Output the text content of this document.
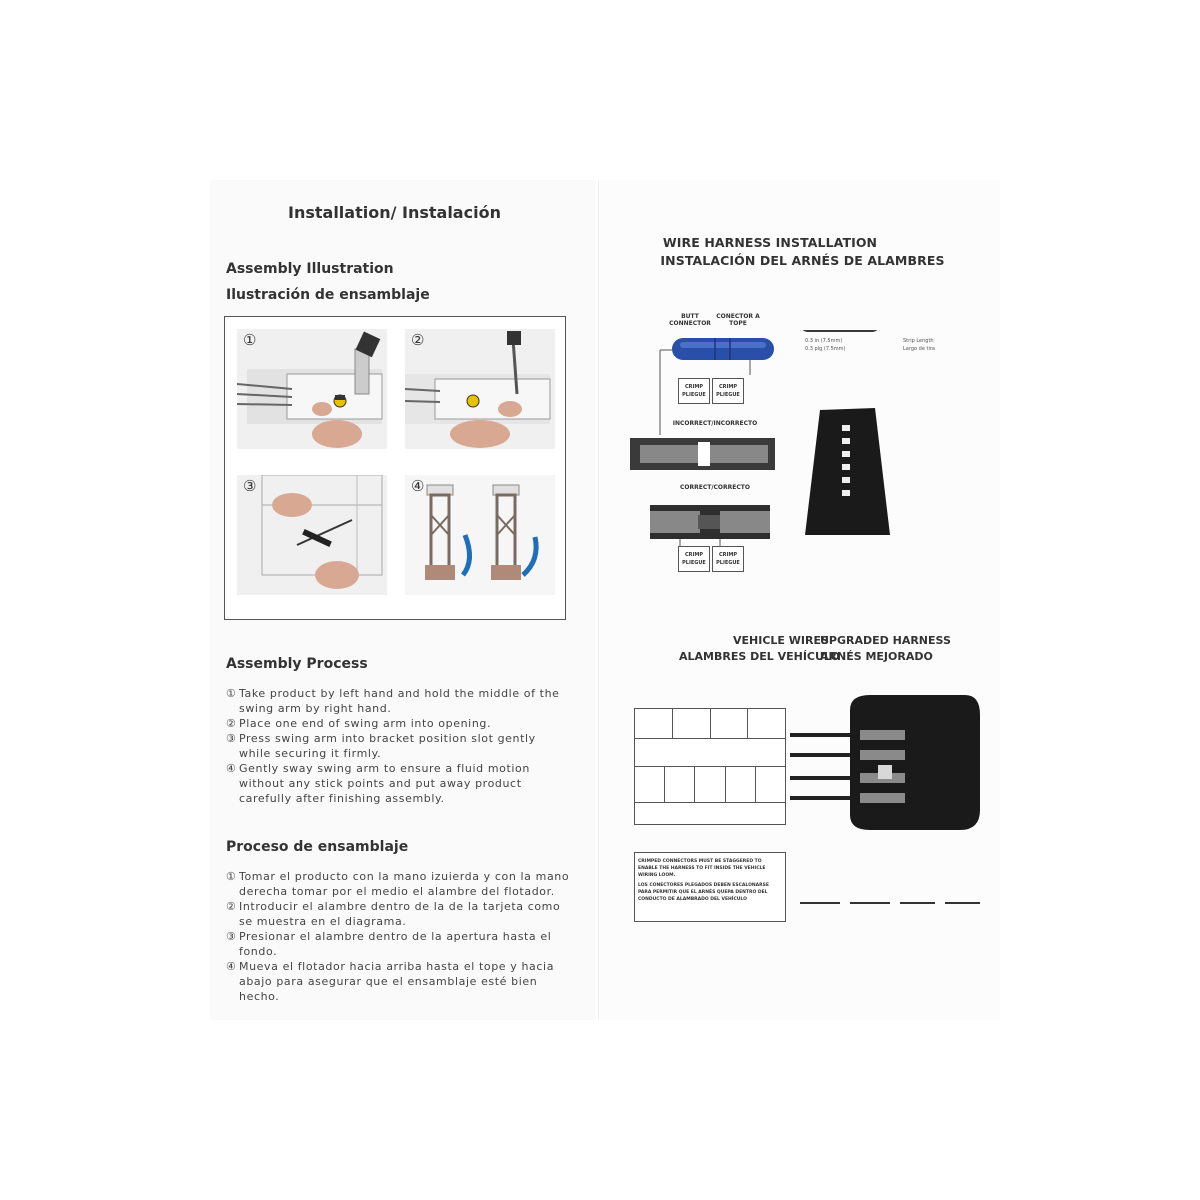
Installation/ Instalación
Assembly Illustration
Ilustración de ensamblaje
①	②
③	④
Assembly Process
① Take product by left hand and hold the middle of the swing arm by right hand.
② Place one end of swing arm into opening.
③ Press swing arm into bracket position slot gently while securing it firmly.
④ Gently sway swing arm to ensure a fluid motion without any stick points and put away product carefully after finishing assembly.
Proceso de ensamblaje
① Tomar el producto con la mano izuierda y con la mano derecha tomar por el medio el alambre del flotador.
② Introducir el alambre dentro de la de la tarjeta como se muestra en el diagrama.
③ Presionar el alambre dentro de la apertura hasta el fondo.
④ Mueva el flotador hacia arriba hasta el tope y hacia abajo para asegurar que el ensamblaje esté bien hecho.
WIRE HARNESS INSTALLATION
INSTALACIÓN DEL ARNÉS DE ALAMBRES
BUTT CONNECTOR
CONECTOR A TOPE
CRIMP PLIEGUE
CRIMP PLIEGUE
INCORRECT/INCORRECTO
CORRECT/CORRECTO
CRIMP PLIEGUE
CRIMP PLIEGUE
0.3 in (7.5mm)
0.3 plg (7.5mm)
Strip Length
Largo de tira
VEHICLE WIRES
ALAMBRES DEL VEHÍCULO
UPGRADED HARNESS
ARNÉS MEJORADO
CRIMPED CONNECTORS MUST BE STAGGERED TO ENABLE THE HARNESS TO FIT INSIDE THE VEHICLE WIRING LOOM.
LOS CONECTORES PLEGADOS DEBEN ESCALONARSE PARA PERMITIR QUE EL ARNÉS QUEPA DENTRO DEL CONDUCTO DE ALAMBRADO DEL VEHÍCULO
